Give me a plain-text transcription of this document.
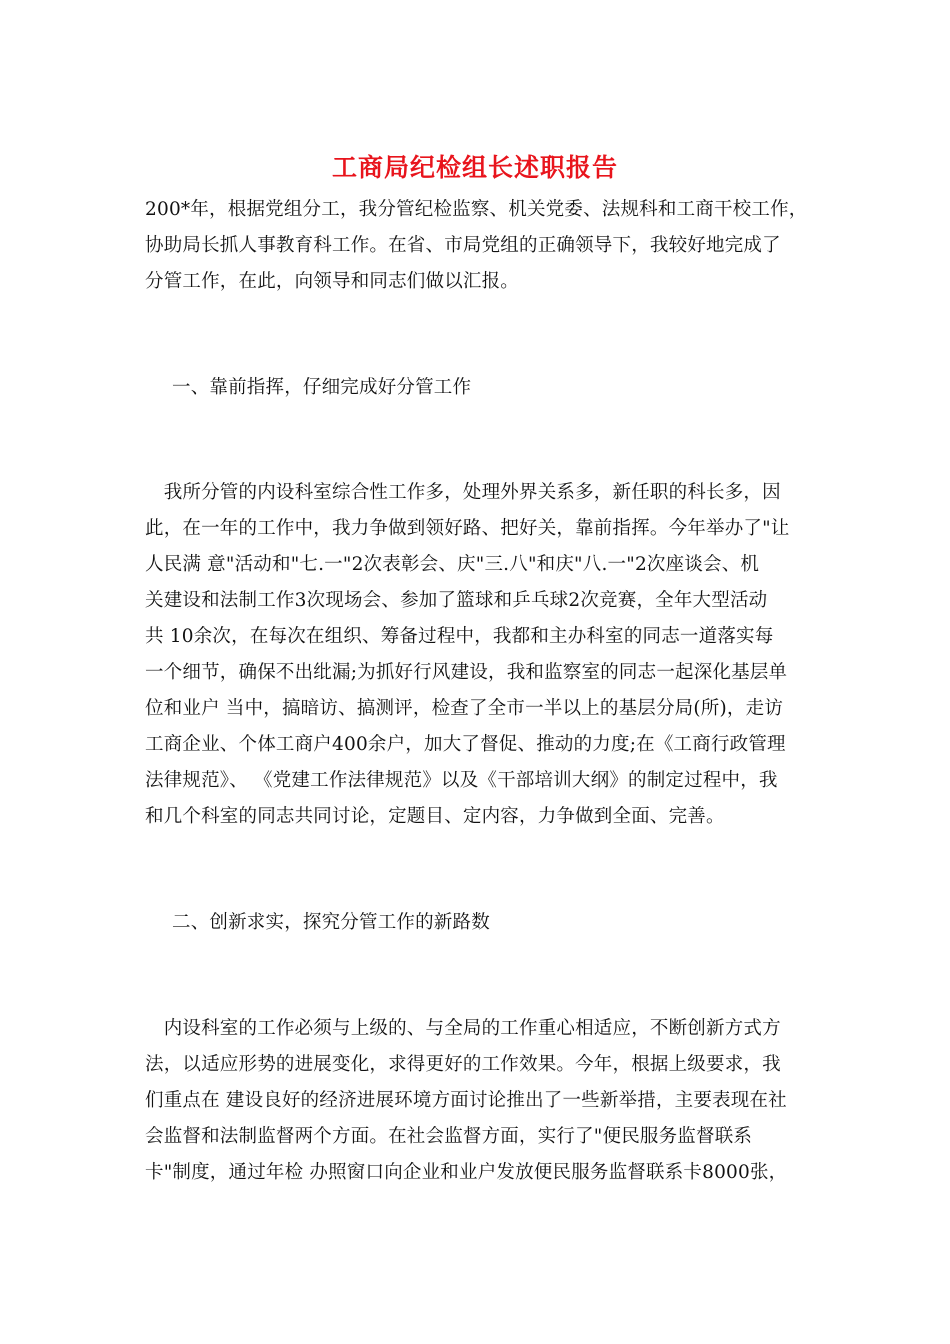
工商局纪检组长述职报告
200*年，根据党组分工，我分管纪检监察、机关党委、法规科和工商干校工作，
协助局长抓人事教育科工作。在省、市局党组的正确领导下，我较好地完成了
分管工作，在此，向领导和同志们做以汇报。
一、靠前指挥，仔细完成好分管工作
　我所分管的内设科室综合性工作多，处理外界关系多，新任职的科长多，因
此，在一年的工作中，我力争做到领好路、把好关，靠前指挥。今年举办了"让
人民满 意"活动和"七.一"2次表彰会、庆"三.八"和庆"八.一"2次座谈会、机
关建设和法制工作3次现场会、参加了篮球和乒乓球2次竞赛，全年大型活动
共 10余次，在每次在组织、筹备过程中，我都和主办科室的同志一道落实每
一个细节，确保不出纰漏;为抓好行风建设，我和监察室的同志一起深化基层单
位和业户 当中，搞暗访、搞测评，检查了全市一半以上的基层分局(所)，走访
工商企业、个体工商户400余户，加大了督促、推动的力度;在《工商行政管理
法律规范》、 《党建工作法律规范》以及《干部培训大纲》的制定过程中，我
和几个科室的同志共同讨论，定题目、定内容，力争做到全面、完善。
二、创新求实，探究分管工作的新路数
　内设科室的工作必须与上级的、与全局的工作重心相适应，不断创新方式方
法，以适应形势的进展变化，求得更好的工作效果。今年，根据上级要求，我
们重点在 建设良好的经济进展环境方面讨论推出了一些新举措，主要表现在社
会监督和法制监督两个方面。在社会监督方面，实行了"便民服务监督联系
卡"制度，通过年检 办照窗口向企业和业户发放便民服务监督联系卡8000张，
